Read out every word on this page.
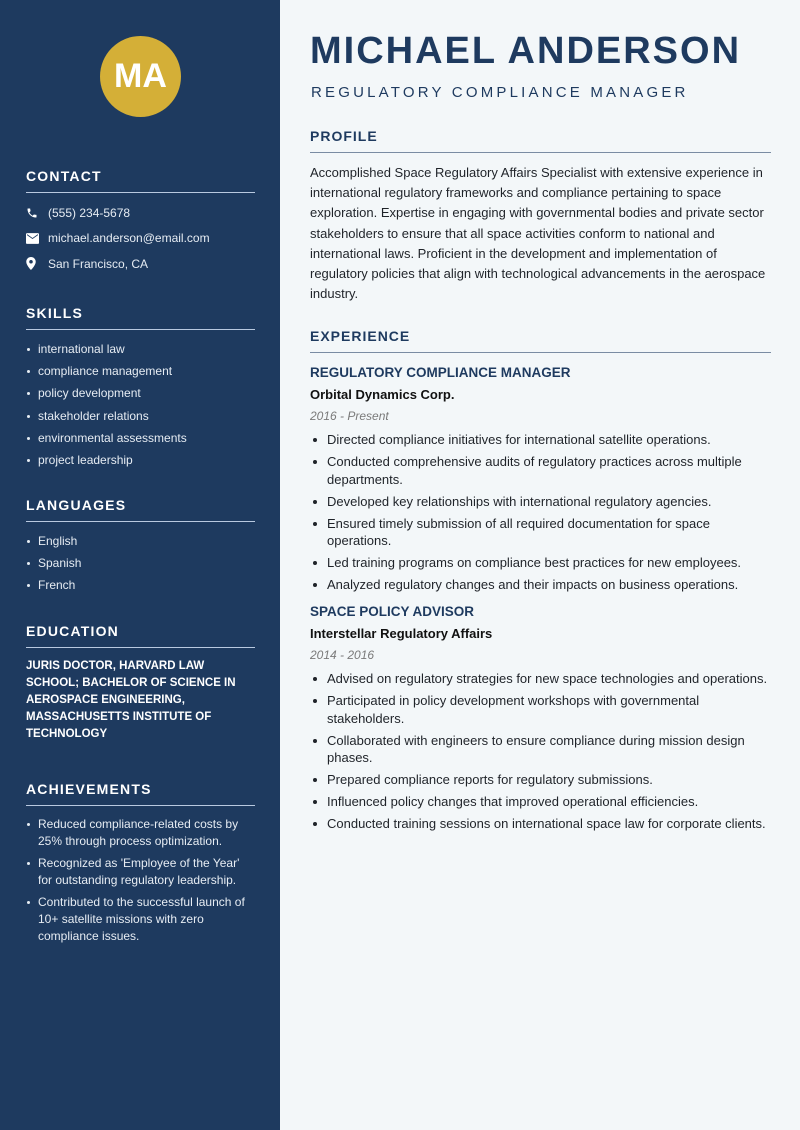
MA
CONTACT
(555) 234-5678
michael.anderson@email.com
San Francisco, CA
SKILLS
international law
compliance management
policy development
stakeholder relations
environmental assessments
project leadership
LANGUAGES
English
Spanish
French
EDUCATION
JURIS DOCTOR, HARVARD LAW SCHOOL; BACHELOR OF SCIENCE IN AEROSPACE ENGINEERING, MASSACHUSETTS INSTITUTE OF TECHNOLOGY
ACHIEVEMENTS
Reduced compliance-related costs by 25% through process optimization.
Recognized as 'Employee of the Year' for outstanding regulatory leadership.
Contributed to the successful launch of 10+ satellite missions with zero compliance issues.
MICHAEL ANDERSON
REGULATORY COMPLIANCE MANAGER
PROFILE

Accomplished Space Regulatory Affairs Specialist with extensive experience in international regulatory frameworks and compliance pertaining to space exploration. Expertise in engaging with governmental bodies and private sector stakeholders to ensure that all space activities conform to national and international laws. Proficient in the development and implementation of regulatory policies that align with technological advancements in the aerospace industry.

EXPERIENCE
REGULATORY COMPLIANCE MANAGER
Orbital Dynamics Corp.
2016 - Present
Directed compliance initiatives for international satellite operations.
Conducted comprehensive audits of regulatory practices across multiple departments.
Developed key relationships with international regulatory agencies.
Ensured timely submission of all required documentation for space operations.
Led training programs on compliance best practices for new employees.
Analyzed regulatory changes and their impacts on business operations.
SPACE POLICY ADVISOR
Interstellar Regulatory Affairs
2014 - 2016
Advised on regulatory strategies for new space technologies and operations.
Participated in policy development workshops with governmental stakeholders.
Collaborated with engineers to ensure compliance during mission design phases.
Prepared compliance reports for regulatory submissions.
Influenced policy changes that improved operational efficiencies.
Conducted training sessions on international space law for corporate clients.
